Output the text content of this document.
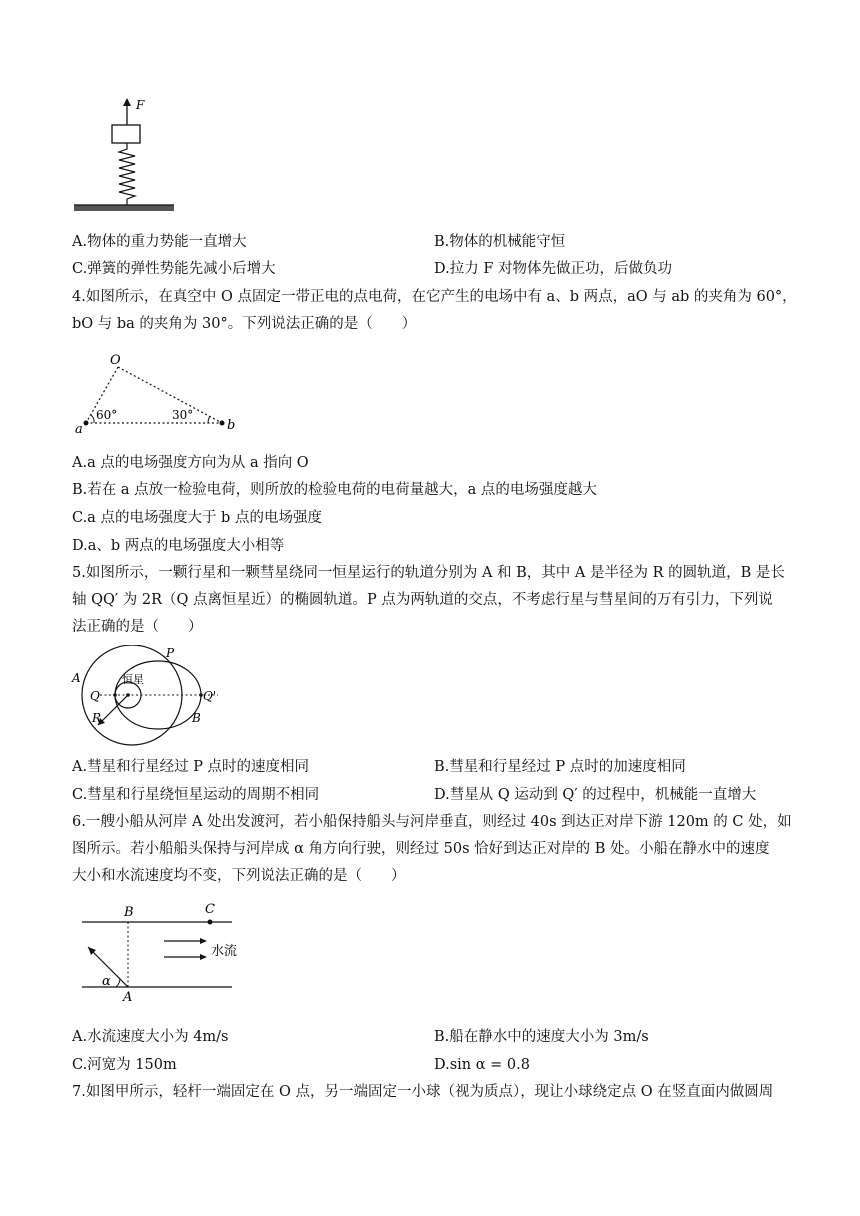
F
A.物体的重力势能一直增大	B.物体的机械能守恒
C.弹簧的弹性势能先减小后增大	D.拉力 F 对物体先做正功，后做负功
4.如图所示，在真空中 O 点固定一带正电的点电荷，在它产生的电场中有 a、b 两点，aO 与 ab 的夹角为 60°，
bO 与 ba 的夹角为 30°。下列说法正确的是（　　）
O
a	b
60°	30°
A.a 点的电场强度方向为从 a 指向 O
B.若在 a 点放一检验电荷，则所放的检验电荷的电荷量越大，a 点的电场强度越大
C.a 点的电场强度大于 b 点的电场强度
D.a、b 两点的电场强度大小相等
5.如图所示，一颗行星和一颗彗星绕同一恒星运行的轨道分别为 A 和 B，其中 A 是半径为 R 的圆轨道，B 是长
轴 QQ′ 为 2R（Q 点离恒星近）的椭圆轨道。P 点为两轨道的交点，不考虑行星与彗星间的万有引力，下列说
法正确的是（　　）
A
P
Q	Q'
B
R
恒星
A.彗星和行星经过 P 点时的速度相同	B.彗星和行星经过 P 点时的加速度相同
C.彗星和行星绕恒星运动的周期不相同	D.彗星从 Q 运动到 Q′ 的过程中，机械能一直增大
6.一艘小船从河岸 A 处出发渡河，若小船保持船头与河岸垂直，则经过 40s 到达正对岸下游 120m 的 C 处，如
图所示。若小船船头保持与河岸成 α 角方向行驶，则经过 50s 恰好到达正对岸的 B 处。小船在静水中的速度
大小和水流速度均不变，下列说法正确的是（　　）
B	C
A
α
水流
A.水流速度大小为 4m/s	B.船在静水中的速度大小为 3m/s
C.河宽为 150m	D.sin α = 0.8
7.如图甲所示，轻杆一端固定在 O 点，另一端固定一小球（视为质点），现让小球绕定点 O 在竖直面内做圆周
